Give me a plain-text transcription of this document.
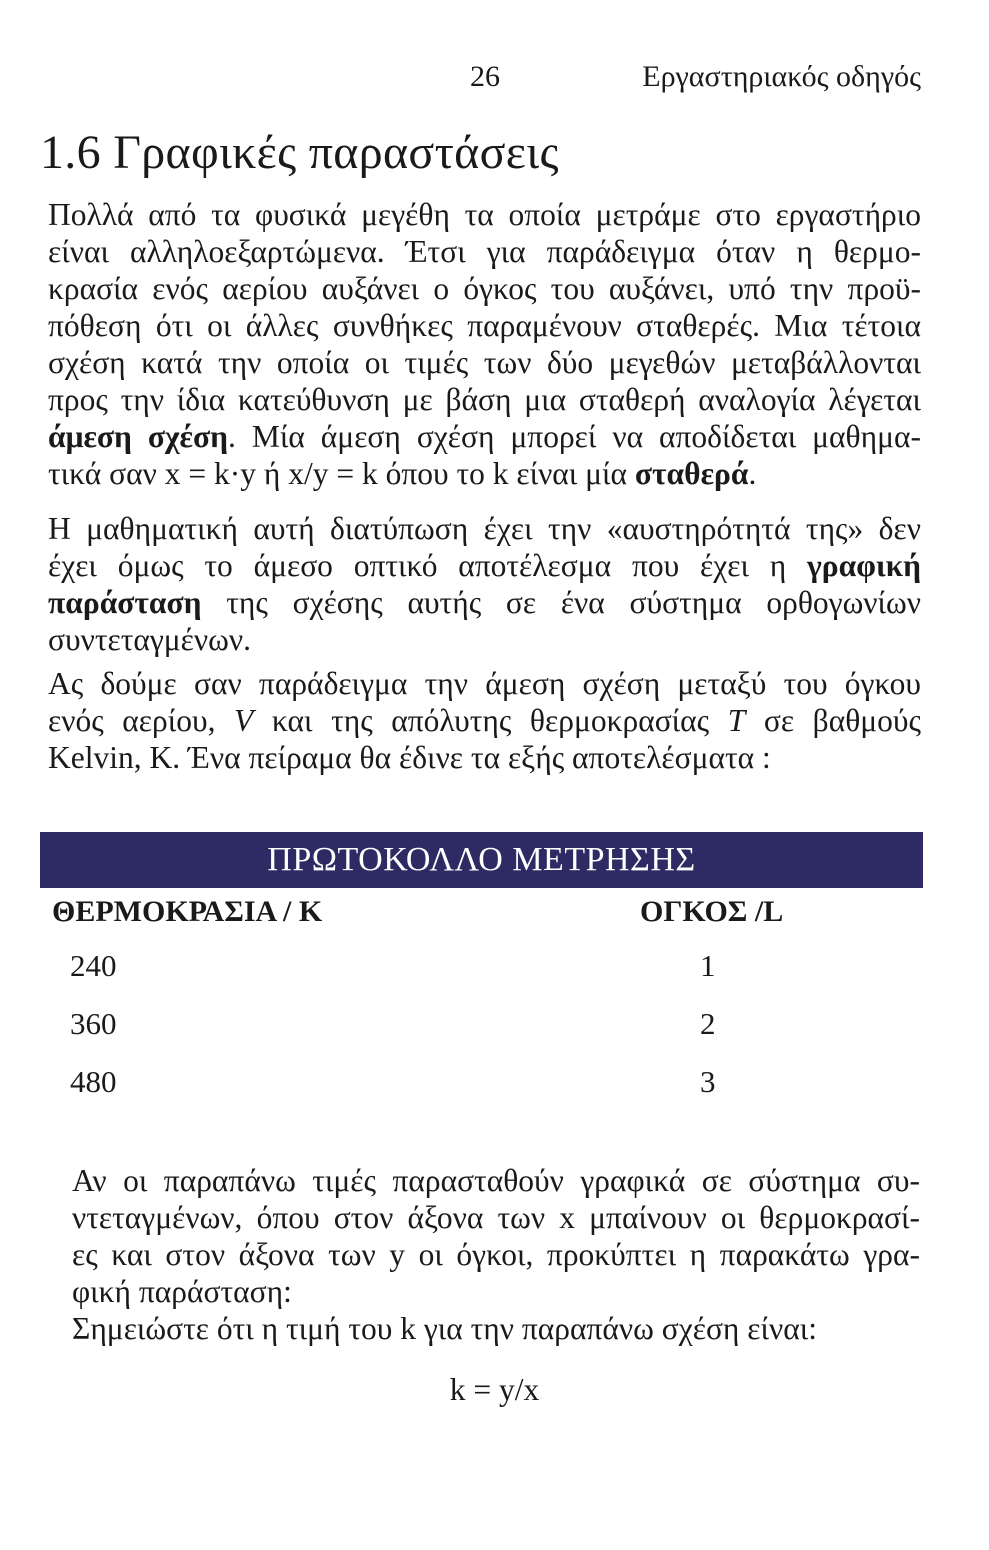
26	Εργαστηριακός οδηγός
1.6 Γραφικές παραστάσεις
Πολλά από τα φυσικά μεγέθη τα οποία μετράμε στο εργαστήριο
είναι αλληλοεξαρτώμενα. Έτσι για παράδειγμα όταν η θερμο-
κρασία ενός αερίου αυξάνει ο όγκος του αυξάνει, υπό την προϋ-
πόθεση ότι οι άλλες συνθήκες παραμένουν σταθερές. Μια τέτοια
σχέση κατά την οποία οι τιμές των δύο μεγεθών μεταβάλλονται
προς την ίδια κατεύθυνση με βάση μια σταθερή αναλογία λέγεται
άμεση σχέση. Μία άμεση σχέση μπορεί να αποδίδεται μαθημα-
τικά σαν x = k·y ή x/y = k όπου το k είναι μία σταθερά.
Η μαθηματική αυτή διατύπωση έχει την «αυστηρότητά της» δεν
έχει όμως το άμεσο οπτικό αποτέλεσμα που έχει η γραφική
παράσταση της σχέσης αυτής σε ένα σύστημα ορθογωνίων
συντεταγμένων.
Ας δούμε σαν παράδειγμα την άμεση σχέση μεταξύ του όγκου
ενός αερίου, V και της απόλυτης θερμοκρασίας T σε βαθμούς
Kelvin, K. Ένα πείραμα θα έδινε τα εξής αποτελέσματα :
ΠΡΩΤΟΚΟΛΛΟ ΜΕΤΡΗΣΗΣ
ΘΕΡΜΟΚΡΑΣΙΑ / K	ΟΓΚΟΣ /L
240	1
360	2
480	3
Αν οι παραπάνω τιμές παρασταθούν γραφικά σε σύστημα συ-
ντεταγμένων, όπου στον άξονα των x μπαίνουν οι θερμοκρασί-
ες και στον άξονα των y οι όγκοι, προκύπτει η παρακάτω γρα-
φική παράσταση:
Σημειώστε ότι η τιμή του k για την παραπάνω σχέση είναι:
k = y/x
